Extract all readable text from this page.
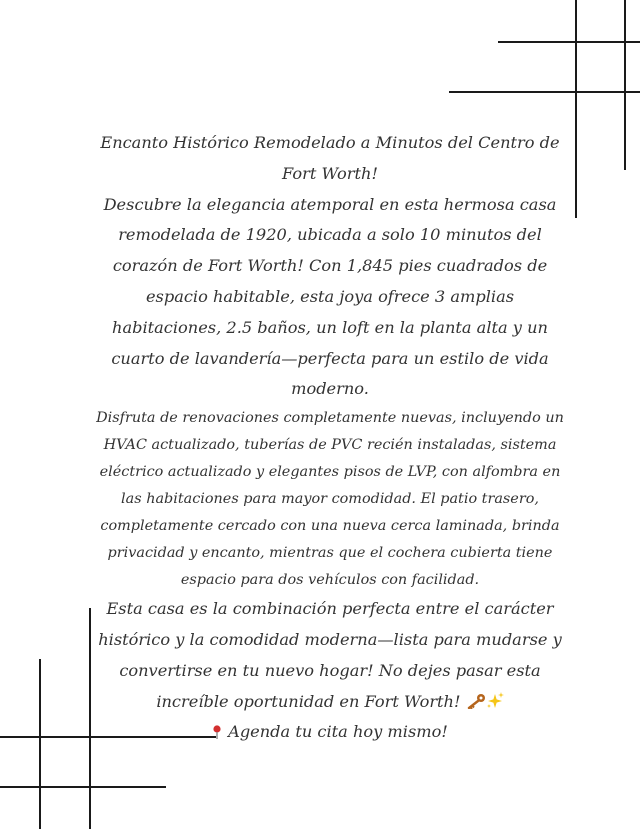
Encanto Histórico Remodelado a Minutos del Centro de Fort Worth!
Descubre la elegancia atemporal en esta hermosa casa remodelada de 1920, ubicada a solo 10 minutos del corazón de Fort Worth! Con 1,845 pies cuadrados de espacio habitable, esta joya ofrece 3 amplias habitaciones, 2.5 baños, un loft en la planta alta y un cuarto de lavandería—perfecta para un estilo de vida moderno.
Disfruta de renovaciones completamente nuevas, incluyendo un HVAC actualizado, tuberías de PVC recién instaladas, sistema eléctrico actualizado y elegantes pisos de LVP, con alfombra en las habitaciones para mayor comodidad. El patio trasero, completamente cercado con una nueva cerca laminada, brinda privacidad y encanto, mientras que el cochera cubierta tiene espacio para dos vehículos con facilidad.
Esta casa es la combinación perfecta entre el carácter histórico y la comodidad moderna—lista para mudarse y convertirse en tu nuevo hogar! No dejes pasar esta increíble oportunidad en Fort Worth!
Agenda tu cita hoy mismo!
